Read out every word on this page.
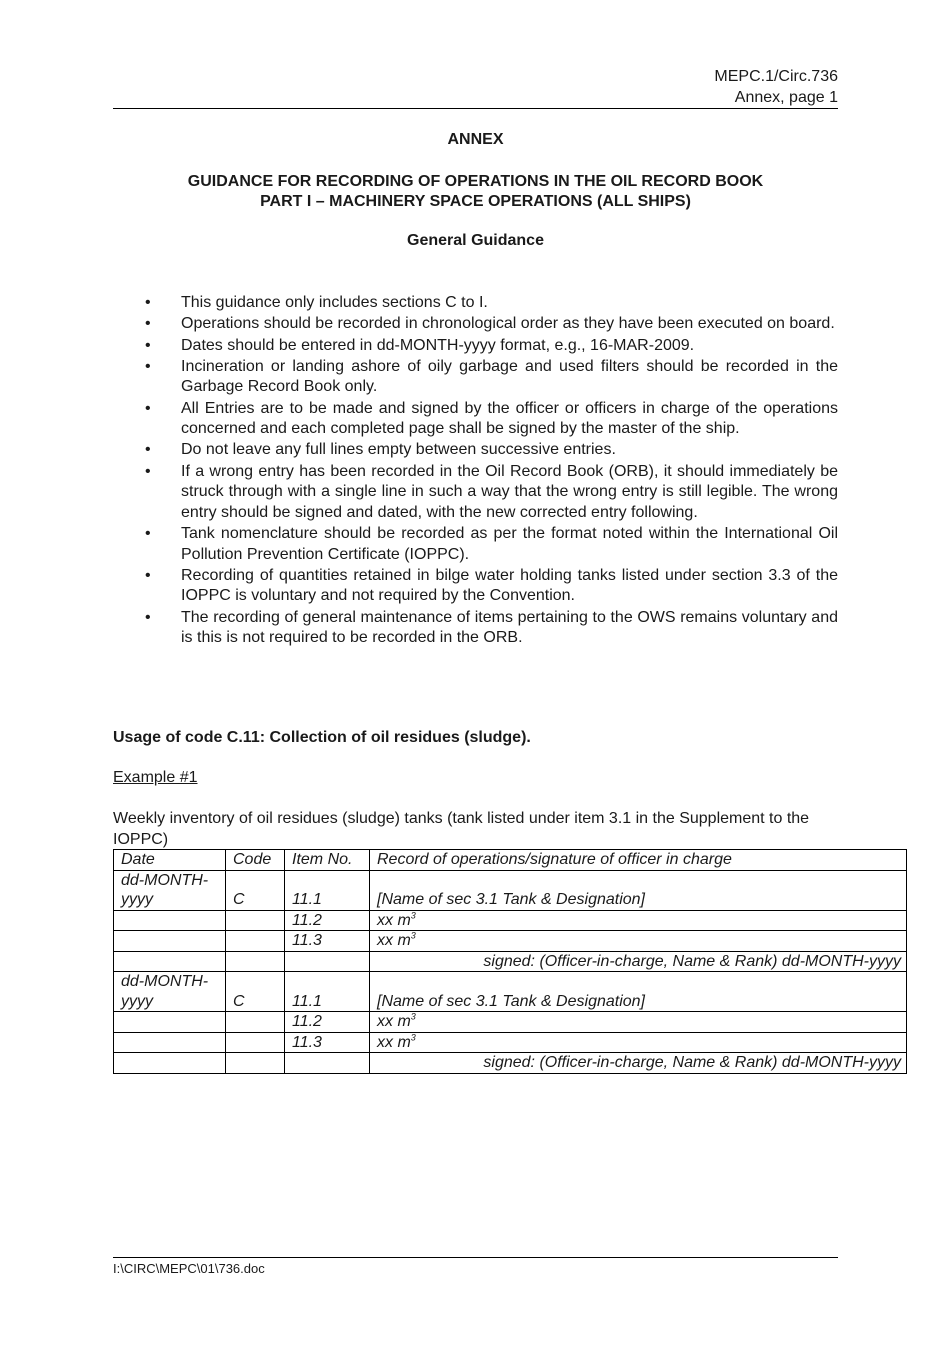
MEPC.1/Circ.736
Annex, page 1
ANNEX
GUIDANCE FOR RECORDING OF OPERATIONS IN THE OIL RECORD BOOK
PART I – MACHINERY SPACE OPERATIONS (ALL SHIPS)
General Guidance
• This guidance only includes sections C to I.
• Operations should be recorded in chronological order as they have been executed on board.
• Dates should be entered in dd-MONTH-yyyy format, e.g., 16-MAR-2009.
• Incineration or landing ashore of oily garbage and used filters should be recorded in the Garbage Record Book only.
• All Entries are to be made and signed by the officer or officers in charge of the operations concerned and each completed page shall be signed by the master of the ship.
• Do not leave any full lines empty between successive entries.
• If a wrong entry has been recorded in the Oil Record Book (ORB), it should immediately be struck through with a single line in such a way that the wrong entry is still legible. The wrong entry should be signed and dated, with the new corrected entry following.
• Tank nomenclature should be recorded as per the format noted within the International Oil Pollution Prevention Certificate (IOPPC).
• Recording of quantities retained in bilge water holding tanks listed under section 3.3 of the IOPPC is voluntary and not required by the Convention.
• The recording of general maintenance of items pertaining to the OWS remains voluntary and is this is not required to be recorded in the ORB.
Usage of code C.11: Collection of oil residues (sludge).
Example #1
Weekly inventory of oil residues (sludge) tanks (tank listed under item 3.1 in the Supplement to the IOPPC)
Date	Code	Item No.	Record of operations/signature of officer in charge
dd-MONTH-yyyy	C	11.1	[Name of sec 3.1 Tank & Designation]
		11.2	xx $m^3$
		11.3	xx $m^3$
			signed: (Officer-in-charge, Name & Rank) dd-MONTH-yyyy
dd-MONTH-yyyy	C	11.1	[Name of sec 3.1 Tank & Designation]
		11.2	xx $m^3$
		11.3	xx $m^3$
			signed: (Officer-in-charge, Name & Rank) dd-MONTH-yyyy
I:\CIRC\MEPC\01\736.doc
